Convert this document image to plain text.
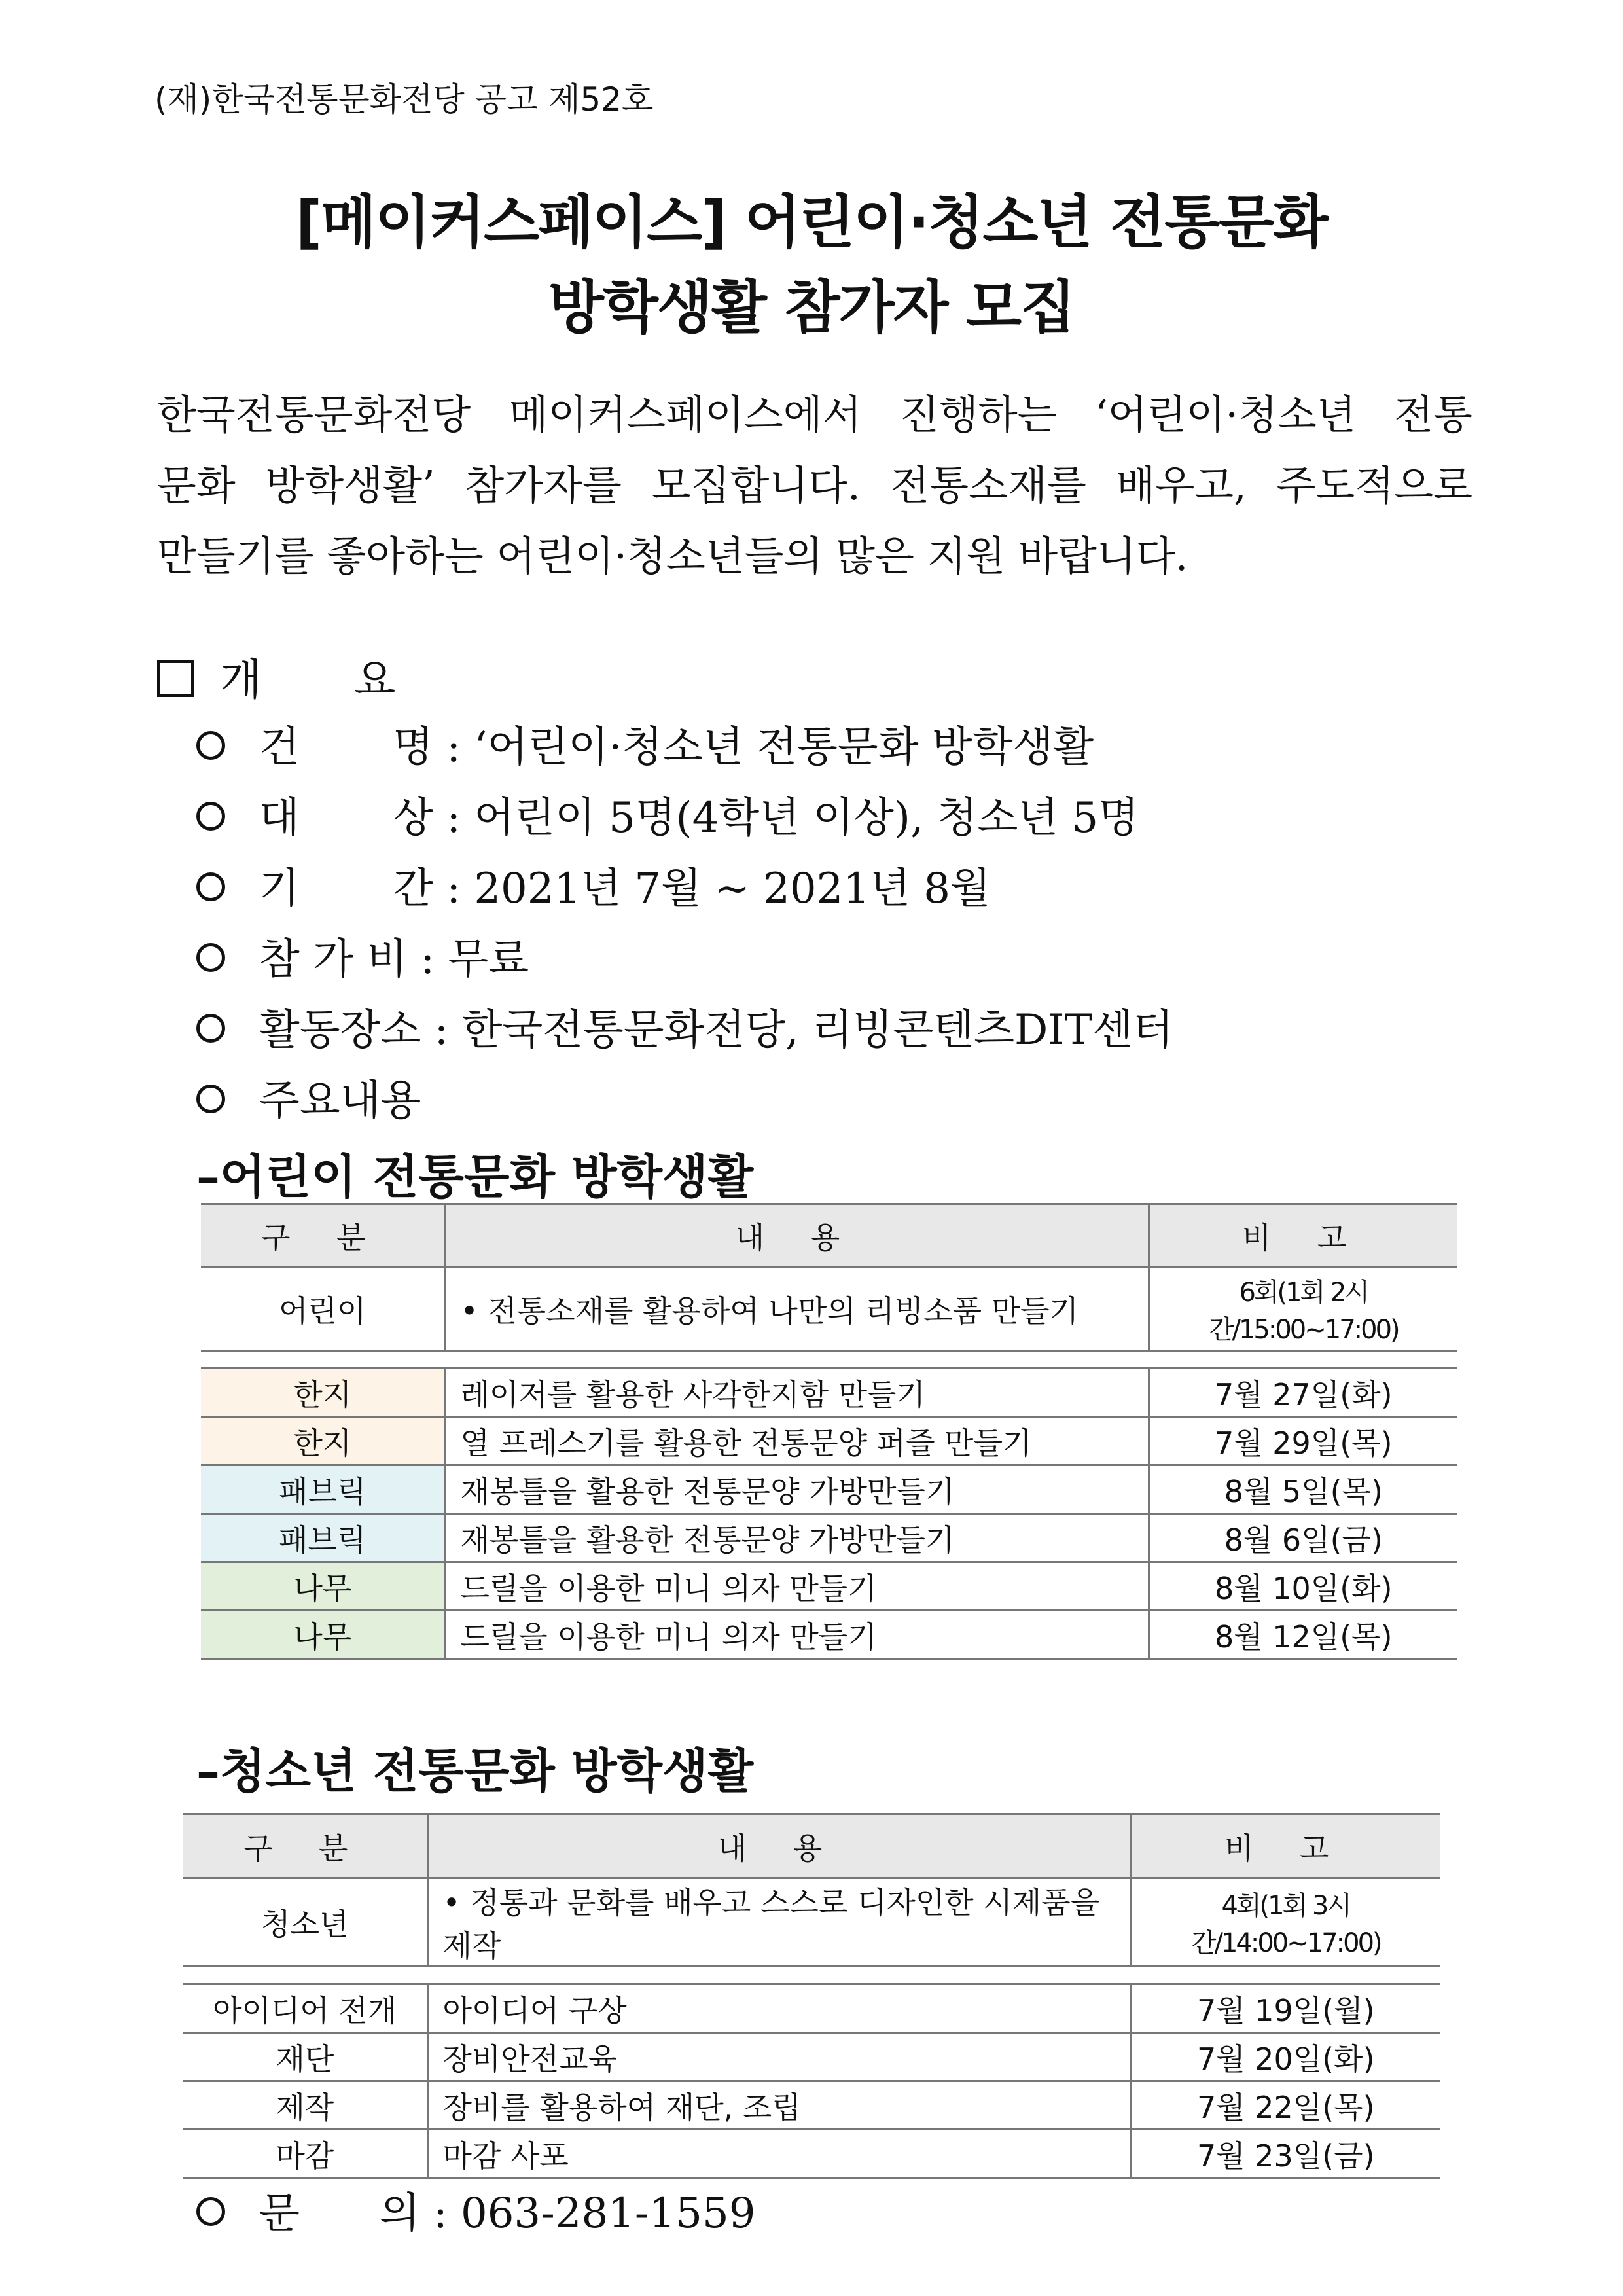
(재)한국전통문화전당 공고 제52호
[메이커스페이스] 어린이·청소년 전통문화
방학생활 참가자 모집
한국전통문화전당 메이커스페이스에서 진행하는 ‘어린이·청소년 전통
문화 방학생활’ 참가자를 모집합니다. 전통소재를 배우고, 주도적으로
만들기를 좋아하는 어린이·청소년들의 많은 지원 바랍니다.
개 요
건       명 : ‘어린이·청소년 전통문화 방학생활
대       상 : 어린이 5명(4학년 이상), 청소년 5명
기       간 : 2021년 7월 ~ 2021년 8월
참 가 비 : 무료
활동장소 : 한국전통문화전당, 리빙콘텐츠DIT센터
주요내용
–어린이 전통문화 방학생활
구 분	내 용	비 고
어린이	• 전통소재를 활용하여 나만의 리빙소품 만들기	6회(1회 2시간/15:00~17:00)

한지	레이저를 활용한 사각한지함 만들기	7월 27일(화)
한지	열 프레스기를 활용한 전통문양 퍼즐 만들기	7월 29일(목)
패브릭	재봉틀을 활용한 전통문양 가방만들기	8월 5일(목)
패브릭	재봉틀을 활용한 전통문양 가방만들기	8월 6일(금)
나무	드릴을 이용한 미니 의자 만들기	8월 10일(화)
나무	드릴을 이용한 미니 의자 만들기	8월 12일(목)
–청소년 전통문화 방학생활
구 분	내 용	비 고
청소년	• 정통과 문화를 배우고 스스로 디자인한 시제품을 제작	4회(1회 3시간/14:00~17:00)

아이디어 전개	아이디어 구상	7월 19일(월)
재단	장비안전교육	7월 20일(화)
제작	장비를 활용하여 재단, 조립	7월 22일(목)
마감	마감 사포	7월 23일(금)
문      의 : 063-281-1559
